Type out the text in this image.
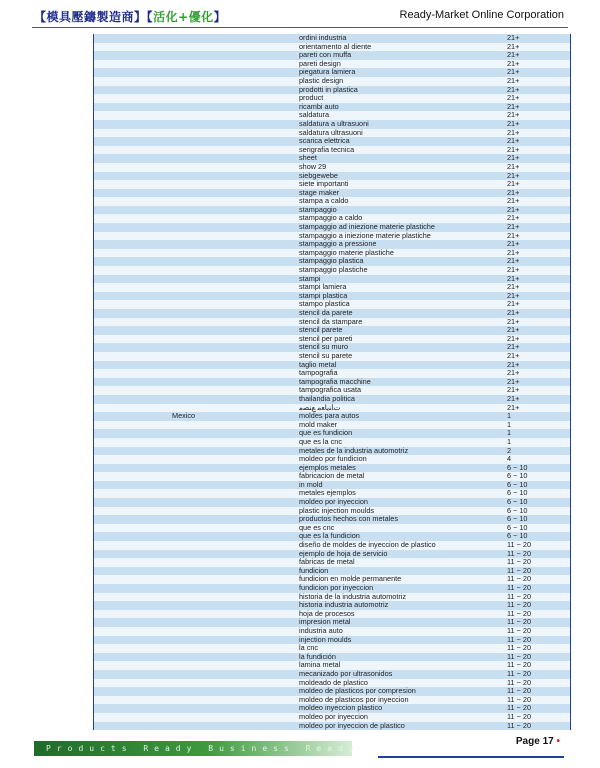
【模具壓鑄製造商】【活化+優化】	Ready-Market Online Corporation
ordini industria	21+
orientamento al diente	21+
pareti con muffa	21+
pareti design	21+
piegatura lamiera	21+
plastic design	21+
prodotti in plastica	21+
product	21+
ricambi auto	21+
saldatura	21+
saldatura a ultrasuoni	21+
saldatura ultrasuoni	21+
scarica elettrica	21+
serigrafia tecnica	21+
sheet	21+
show 29	21+
siebgewebe	21+
siete importanti	21+
stage maker	21+
stampa a caldo	21+
stampaggio	21+
stampaggio a caldo	21+
stampaggio ad iniezione materie plastiche	21+
stampaggio a iniezione materie plastiche	21+
stampaggio a pressione	21+
stampaggio materie plastiche	21+
stampaggio plastica	21+
stampaggio plastiche	21+
stampi	21+
stampi lamiera	21+
stampi plastica	21+
stampo plastica	21+
stencil da parete	21+
stencil da stampare	21+
stencil parete	21+
stencil per pareti	21+
stencil su muro	21+
stencil su parete	21+
taglio metal	21+
tampografia	21+
tampografia macchine	21+
tampografica usata	21+
thailandia politica	21+
ﺕﺎﻨﻳﺎﻌﻣ ﻊﻨﺼﻣ	21+
Mexico	moldes para autos	1
mold maker	1
que es fundicion	1
que es la cnc	1
metales de la industria automotriz	2
moldeo por fundicion	4
ejemplos metales	6 ~ 10
fabricacion de metal	6 ~ 10
in mold	6 ~ 10
metales ejemplos	6 ~ 10
moldeo por inyeccion	6 ~ 10
plastic injection moulds	6 ~ 10
productos hechos con metales	6 ~ 10
que es cnc	6 ~ 10
que es la fundicion	6 ~ 10
diseño de moldes de inyeccion de plastico	11 ~ 20
ejemplo de hoja de servicio	11 ~ 20
fabricas de metal	11 ~ 20
fundicion	11 ~ 20
fundicion en molde permanente	11 ~ 20
fundicion por inyeccion	11 ~ 20
historia de la industria automotriz	11 ~ 20
historia industria automotriz	11 ~ 20
hoja de procesos	11 ~ 20
impresion metal	11 ~ 20
industria auto	11 ~ 20
injection moulds	11 ~ 20
la cnc	11 ~ 20
la fundición	11 ~ 20
lamina metal	11 ~ 20
mecanizado por ultrasonidos	11 ~ 20
moldeado de plastico	11 ~ 20
moldeo de plasticos por compresion	11 ~ 20
moldeo de plasticos por inyeccion	11 ~ 20
moldeo inyeccion plastico	11 ~ 20
moldeo por inyeccion	11 ~ 20
moldeo por inyeccion de plastico	11 ~ 20
Products Ready Business Ready
Page 17 •
